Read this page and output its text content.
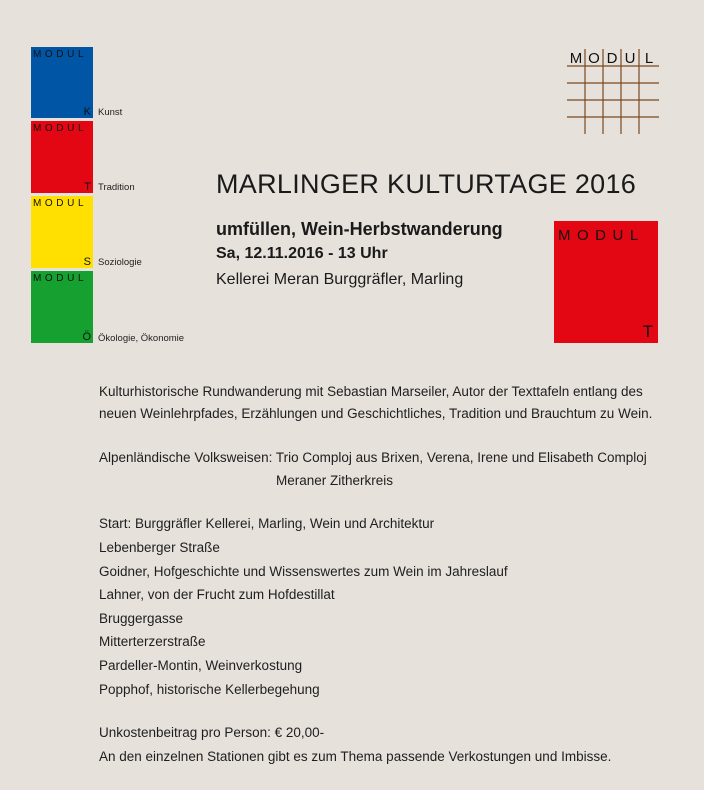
MODUL
K Kunst
MODUL
T Tradition
MODUL
S Soziologie
MODUL
Ö Ökologie, Ökonomie
M O D U L
MARLINGER KULTURTAGE 2016
umfüllen, Wein-Herbstwanderung
Sa, 12.11.2016 - 13 Uhr
Kellerei Meran Burggräfler, Marling
MODUL
T
Kulturhistorische Rundwanderung mit Sebastian Marseiler, Autor der Texttafeln entlang des
neuen Weinlehrpfades, Erzählungen und Geschichtliches, Tradition und Brauchtum zu Wein.
Alpenländische Volksweisen: Trio Comploj aus Brixen, Verena, Irene und Elisabeth Comploj
Meraner Zitherkreis
Start: Burggräfler Kellerei, Marling, Wein und Architektur
Lebenberger Straße
Goidner, Hofgeschichte und Wissenswertes zum Wein im Jahreslauf
Lahner, von der Frucht zum Hofdestillat
Bruggergasse
Mitterterzerstraße
Pardeller-Montin, Weinverkostung
Popphof, historische Kellerbegehung
Unkostenbeitrag pro Person: € 20,00-
An den einzelnen Stationen gibt es zum Thema passende Verkostungen und Imbisse.
